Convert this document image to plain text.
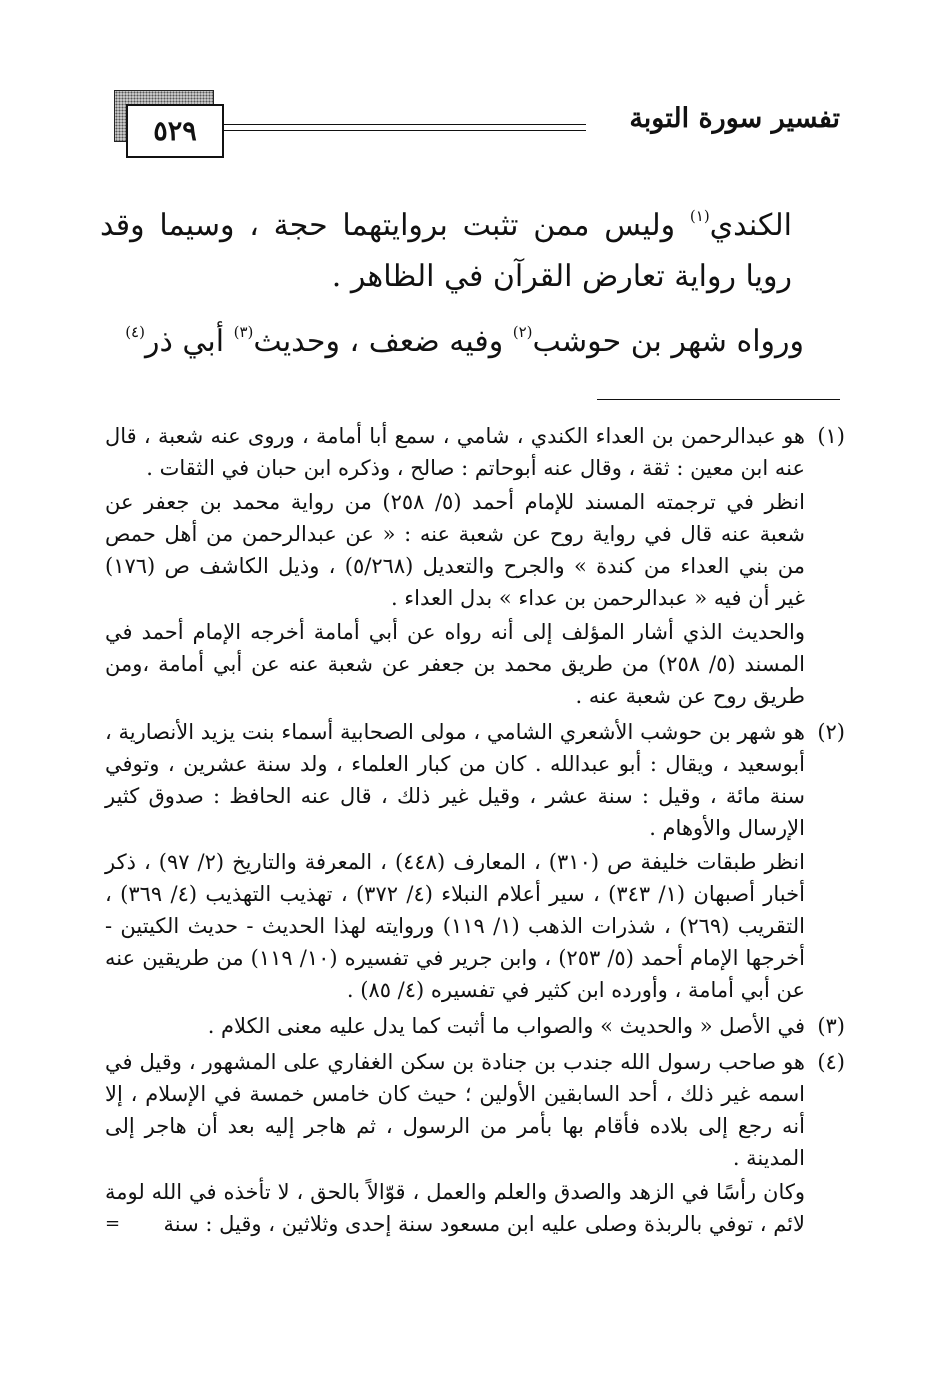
تفسير سورة التوبة
٥٢٩

الكندي$^{(١)}$ وليس ممن تثبت بروايتهما حجة ، وسيما وقد رويا رواية تعارض القرآن في الظاهر .

ورواه شهر بن حوشب$^{(٢)}$ وفيه ضعف ، وحديث$^{(٣)}$ أبي ذر$^{(٤)}$

(١)

هو عبدالرحمن بن العداء الكندي ، شامي ، سمع أبا أمامة ، وروى عنه شعبة ، قال عنه ابن معين : ثقة ، وقال عنه أبوحاتم : صالح ، وذكره ابن حبان في الثقات .

انظر في ترجمته المسند للإمام أحمد (٥/ ٢٥٨) من رواية محمد بن جعفر عن شعبة عنه قال في رواية روح عن شعبة عنه : « عن عبدالرحمن من أهل حمص من بني العداء من كندة » والجرح والتعديل (٥/٢٦٨) ، وذيل الكاشف ص (١٧٦) غير أن فيه « عبدالرحمن بن عداء » بدل العداء .

والحديث الذي أشار المؤلف إلى أنه رواه عن أبي أمامة أخرجه الإمام أحمد في المسند (٥/ ٢٥٨) من طريق محمد بن جعفر عن شعبة عنه عن أبي أمامة ،ومن طريق روح عن شعبة عنه .

(٢)

هو شهر بن حوشب الأشعري الشامي ، مولى الصحابية أسماء بنت يزيد الأنصارية ، أبوسعيد ، ويقال : أبو عبدالله . كان من كبار العلماء ، ولد سنة عشرين ، وتوفي سنة مائة ، وقيل : سنة عشر ، وقيل غير ذلك ، قال عنه الحافظ : صدوق كثير الإرسال والأوهام .

انظر طبقات خليفة ص (٣١٠) ، المعارف (٤٤٨) ، المعرفة والتاريخ (٢/ ٩٧) ، ذكر أخبار أصبهان (١/ ٣٤٣) ، سير أعلام النبلاء (٤/ ٣٧٢) ، تهذيب التهذيب (٤/ ٣٦٩) ، التقريب (٢٦٩) ، شذرات الذهب (١/ ١١٩) وروايته لهذا الحديث - حديث الكيتين - أخرجها الإمام أحمد (٥/ ٢٥٣) ، وابن جرير في تفسيره (١٠/ ١١٩) من طريقين عنه عن أبي أمامة ، وأورده ابن كثير في تفسيره (٤/ ٨٥) .

(٣)

في الأصل « والحديث » والصواب ما أثبت كما يدل عليه معنى الكلام .

(٤)

هو صاحب رسول الله جندب بن جنادة بن سكن الغفاري على المشهور ، وقيل في اسمه غير ذلك ، أحد السابقين الأولين ؛ حيث كان خامس خمسة في الإسلام ، إلا أنه رجع إلى بلاده فأقام بها بأمر من الرسول ، ثم هاجر إليه بعد أن هاجر إلى المدينة .

وكان رأسًا في الزهد والصدق والعلم والعمل ، قوّالاً بالحق ، لا تأخذه في الله لومة لائم ، توفي بالربذة وصلى عليه ابن مسعود سنة إحدى وثلاثين ، وقيل : سنة
=
